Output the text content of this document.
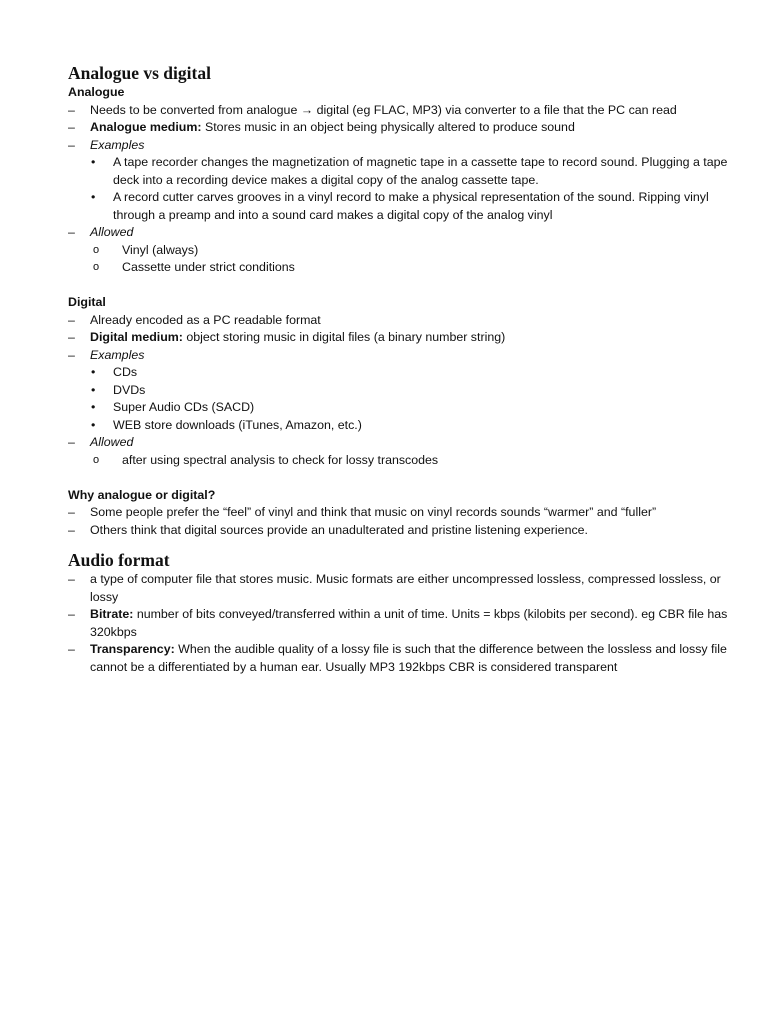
Analogue vs digital
Analogue
–	Needs to be converted from analogue → digital (eg FLAC, MP3) via converter to a file that the PC can read
–	Analogue medium: Stores music in an object being physically altered to produce sound
–	Examples
•	A tape recorder changes the magnetization of magnetic tape in a cassette tape to record sound. Plugging a tape deck into a recording device makes a digital copy of the analog cassette tape.
•	A record cutter carves grooves in a vinyl record to make a physical representation of the sound. Ripping vinyl through a preamp and into a sound card makes a digital copy of the analog vinyl
–	Allowed
o	Vinyl (always)
o	Cassette under strict conditions
Digital
–	Already encoded as a PC readable format
–	Digital medium: object storing music in digital files (a binary number string)
–	Examples
•	CDs
•	DVDs
•	Super Audio CDs (SACD)
•	WEB store downloads (iTunes, Amazon, etc.)
–	Allowed
o	after using spectral analysis to check for lossy transcodes
Why analogue or digital?
–	Some people prefer the “feel” of vinyl and think that music on vinyl records sounds “warmer” and “fuller”
–	Others think that digital sources provide an unadulterated and pristine listening experience.
Audio format
–	a type of computer file that stores music. Music formats are either uncompressed lossless, compressed lossless, or lossy
–	Bitrate: number of bits conveyed/transferred within a unit of time. Units = kbps (kilobits per second). eg CBR file has 320kbps
–	Transparency: When the audible quality of a lossy file is such that the difference between the lossless and lossy file cannot be a differentiated by a human ear. Usually MP3 192kbps CBR is considered transparent
